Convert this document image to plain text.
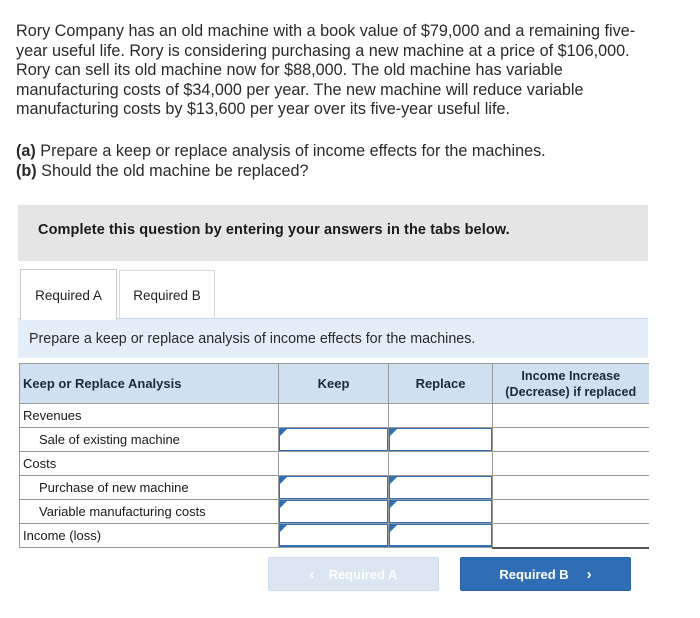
Rory Company has an old machine with a book value of $79,000 and a remaining five-
year useful life. Rory is considering purchasing a new machine at a price of $106,000.
Rory can sell its old machine now for $88,000. The old machine has variable
manufacturing costs of $34,000 per year. The new machine will reduce variable
manufacturing costs by $13,600 per year over its five-year useful life.
(a) Prepare a keep or replace analysis of income effects for the machines.
(b) Should the old machine be replaced?
Complete this question by entering your answers in the tabs below.
Required A	Required B
Prepare a keep or replace analysis of income effects for the machines.
Keep or Replace Analysis	Keep	Replace	Income Increase
(Decrease) if replaced

Revenues			
Sale of existing machine	

Costs			
Purchase of new machine	

Variable manufacturing costs	

Income (loss)	

‹ Required A	Required B ›
